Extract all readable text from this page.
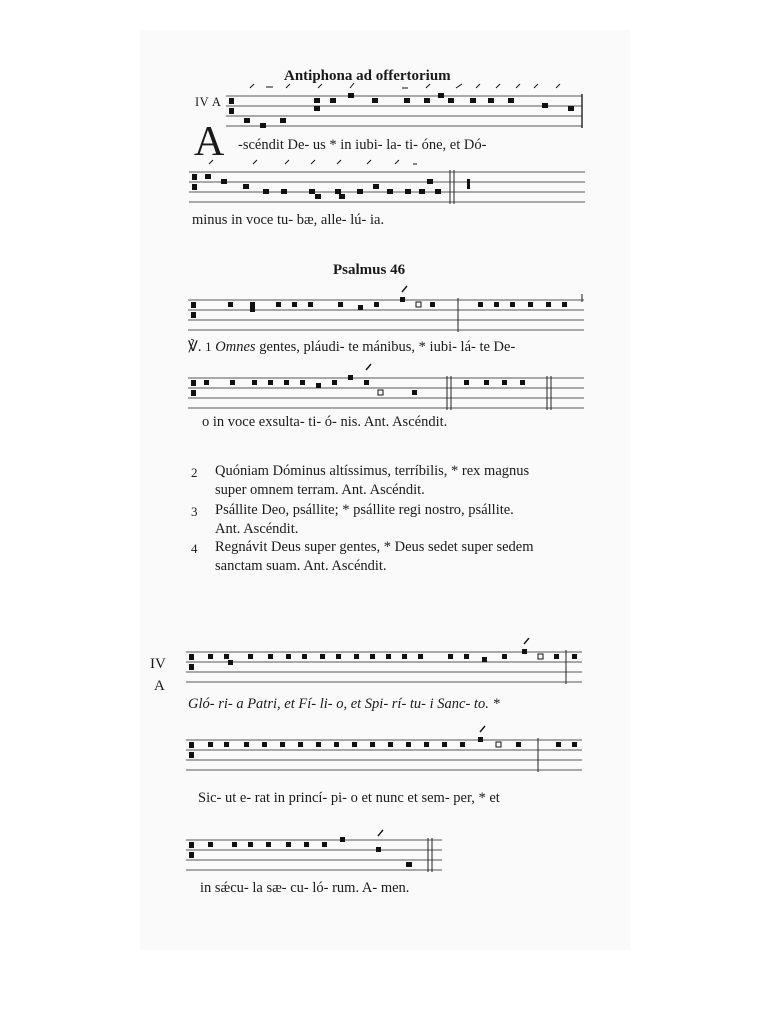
Antiphona ad offertorium
IV A
A -scéndit De- us * in iubi- la- ti- óne, et Dó-
minus in voce tu- bæ, alle- lú- ia.
Psalmus 46
℣. 1 Omnes gentes, pláudi- te mánibus, * iubi- lá- te De-
o in voce exsulta- ti- ó- nis. Ant. Ascéndit.
2 Quóniam Dóminus altíssimus, terríbilis, * rex magnus
super omnem terram. Ant. Ascéndit.
3 Psállite Deo, psállite; * psállite regi nostro, psállite.
Ant. Ascéndit.
4 Regnávit Deus super gentes, * Deus sedet super sedem
sanctam suam. Ant. Ascéndit.
IV
A
Gló- ri- a Patri, et Fí- li- o, et Spi- rí- tu- i Sanc- to. *
Sic- ut e- rat in princí- pi- o et nunc et sem- per, * et
in sǽcu- la sæ- cu- ló- rum. A- men.
